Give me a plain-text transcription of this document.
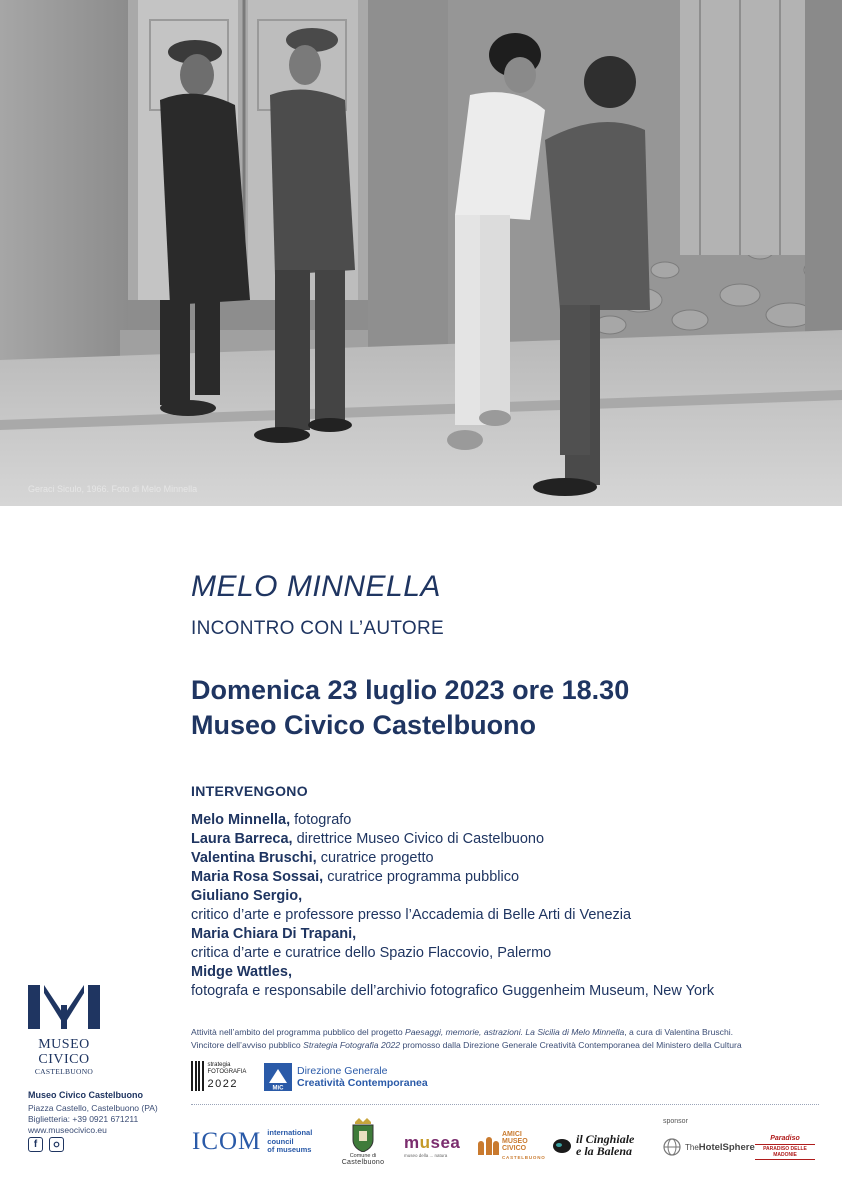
Geraci Siculo, 1966. Foto di Melo Minnella
MELO MINNELLA
INCONTRO CON L’AUTORE
Domenica 23 luglio 2023 ore 18.30
Museo Civico Castelbuono
INTERVENGONO
Melo Minnella, fotografo
Laura Barreca, direttrice Museo Civico di Castelbuono
Valentina Bruschi, curatrice progetto
Maria Rosa Sossai, curatrice programma pubblico
Giuliano Sergio,
critico d’arte e professore presso l’Accademia di Belle Arti di Venezia
Maria Chiara Di Trapani,
critica d’arte e curatrice dello Spazio Flaccovio, Palermo
Midge Wattles,
fotografa e responsabile dell’archivio fotografico Guggenheim Museum, New York
Attività nell’ambito del programma pubblico del progetto Paesaggi, memorie, astrazioni. La Sicilia di Melo Minnella, a cura di Valentina Bruschi.
Vincitore dell’avviso pubblico Strategia Fotografia 2022 promosso dalla Direzione Generale Creatività Contemporanea del Ministero della Cultura
MUSEO
CIVICO
CASTELBUONO
Museo Civico Castelbuono
Piazza Castello, Castelbuono (PA)
Biglietteria: +39 0921 671211
www.museocivico.eu
f
strategia
FOTOGRAFIA
2022	MiC
Direzione Generale
Creatività Contemporanea
ICOM international
council
of museums
Comune di
Castelbuono
musea
museo della ... natura
AMICI
MUSEO
CIVICO
CASTELBUONO
il Cinghiale
e la Balena
sponsor
TheHotelSphere
Paradiso
PARADISO DELLE MADONIE
